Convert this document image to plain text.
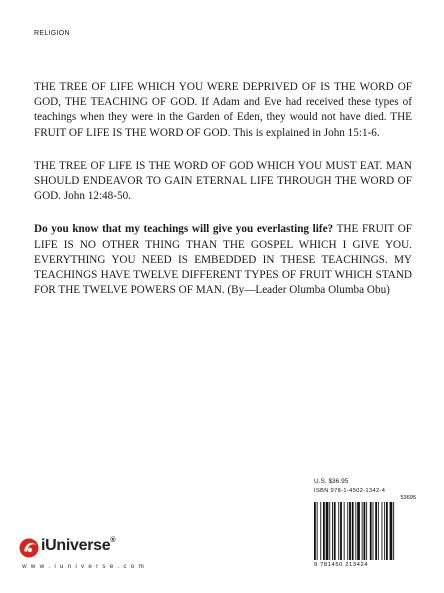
RELIGION

THE TREE OF LIFE WHICH YOU WERE DEPRIVED OF IS THE WORD OF GOD, THE TEACHING OF GOD. If Adam and Eve had received these types of teachings when they were in the Garden of Eden, they would not have died. THE FRUIT OF LIFE IS THE WORD OF GOD. This is explained in John 15:1-6.

THE TREE OF LIFE IS THE WORD OF GOD WHICH YOU MUST EAT. MAN SHOULD ENDEAVOR TO GAIN ETERNAL LIFE THROUGH THE WORD OF GOD. John 12:48-50.

Do you know that my teachings will give you everlasting life? THE FRUIT OF LIFE IS NO OTHER THING THAN THE GOSPEL WHICH I GIVE YOU. EVERYTHING YOU NEED IS EMBEDDED IN THESE TEACHINGS. MY TEACHINGS HAVE TWELVE DIFFERENT TYPES OF FRUIT WHICH STAND FOR THE TWELVE POWERS OF MAN. (By—Leader Olumba Olumba Obu)

U.S. $36.95
ISBN 978-1-4502-1342-4
53695
9 781450 213424
iUniverse®
w w w . i u n i v e r s e . c o m
